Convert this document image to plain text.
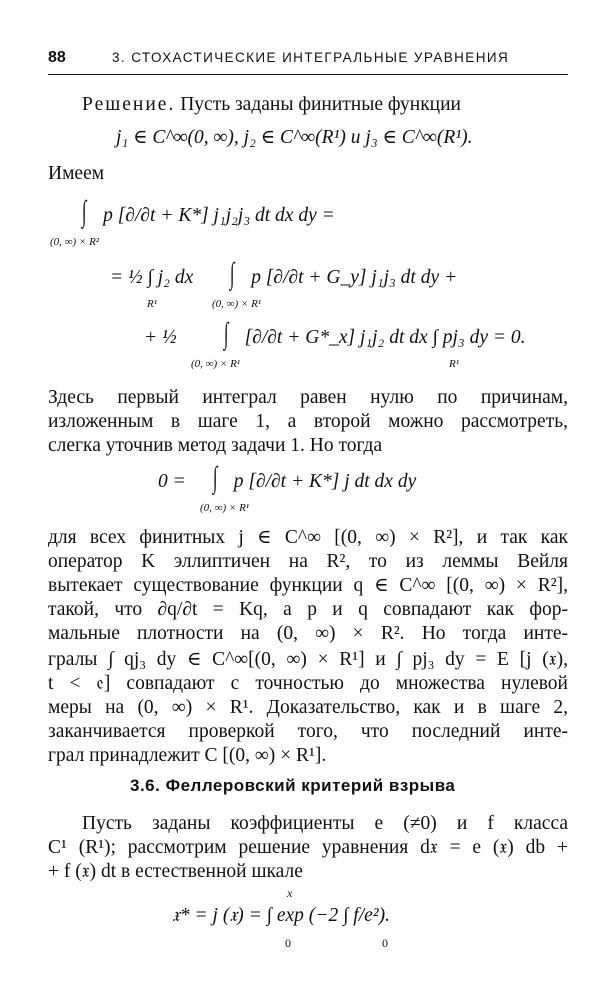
88	3. СТОХАСТИЧЕСКИЕ ИНТЕГРАЛЬНЫЕ УРАВНЕНИЯ
Решение. Пусть заданы финитные функции
j₁ ∈ C^∞(0, ∞), j₂ ∈ C^∞(R¹) и j₃ ∈ C^∞(R¹).
Имеем
∫ p [∂/∂t + K*] j₁j₂j₃ dt dx dy =
(0, ∞) × R²
= ½ ∫ j₂ dx ∫ p [∂/∂t + G_y] j₁j₃ dt dy +
R¹	(0, ∞) × R¹
+ ½ ∫ [∂/∂t + G*_x] j₁j₂ dt dx ∫ pj₃ dy = 0.
(0, ∞) × R¹	R¹
Здесь первый интеграл равен нулю по причинам,
изложенным в шаге 1, а второй можно рассмотреть,
слегка уточнив метод задачи 1. Но тогда
0 = ∫ p [∂/∂t + K*] j dt dx dy
(0, ∞) × R¹
для всех финитных j ∈ C^∞ [(0, ∞) × R²], и так как
оператор K эллиптичен на R², то из леммы Вейля
вытекает существование функции q ∈ C^∞ [(0, ∞) × R²],
такой, что ∂q/∂t = Kq, а p и q совпадают как фор-
мальные плотности на (0, ∞) × R². Но тогда инте-
гралы ∫ qj₃ dy ∈ C^∞[(0, ∞) × R¹] и ∫ pj₃ dy = E [j (𝔵),
t < 𝔢] совпадают с точностью до множества нулевой
меры на (0, ∞) × R¹. Доказательство, как и в шаге 2,
заканчивается проверкой того, что последний инте-
грал принадлежит C [(0, ∞) × R¹].
3.6. Феллеровский критерий взрыва
Пусть заданы коэффициенты e (≠0) и f класса
C¹ (R¹); рассмотрим решение уравнения d𝔵 = e (𝔵) db +
+ f (𝔵) dt в естественной шкале
x
𝔵* = j (𝔵) = ∫ exp (−2 ∫ f/e²).
0	0
